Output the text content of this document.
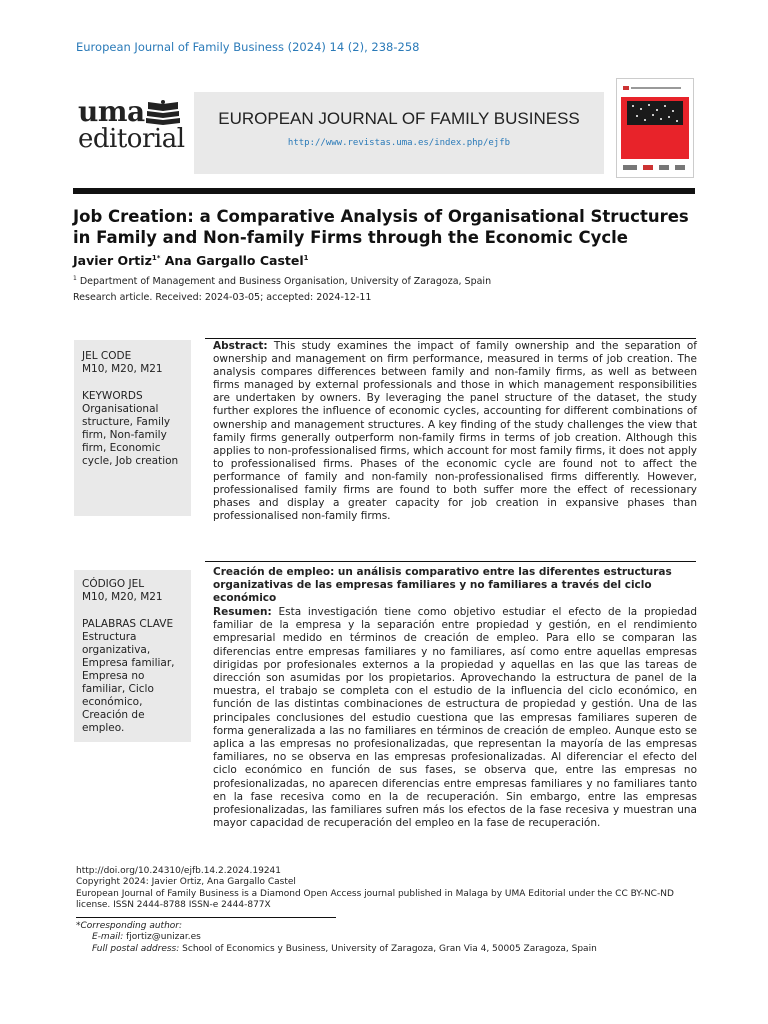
European Journal of Family Business (2024) 14 (2), 238-258
uma
editorial
EUROPEAN JOURNAL OF FAMILY BUSINESS
http://www.revistas.uma.es/index.php/ejfb
Job Creation: a Comparative Analysis of Organisational Structures in Family and Non-family Firms through the Economic Cycle
Javier Ortiz$^{1*}$ Ana Gargallo Castel$^1$
$^1$ Department of Management and Business Organisation, University of Zaragoza, Spain
Research article. Received: 2024-03-05; accepted: 2024-12-11
JEL CODE
M10, M20, M21
KEYWORDS
Organisational structure, Family firm, Non-family firm, Economic cycle, Job creation
Abstract: This study examines the impact of family ownership and the separation of ownership and management on firm performance, measured in terms of job creation. The analysis compares differences between family and non-family firms, as well as between firms managed by external professionals and those in which management responsibilities are undertaken by owners. By leveraging the panel structure of the dataset, the study further explores the influence of economic cycles, accounting for different combinations of ownership and management structures. A key finding of the study challenges the view that family firms generally outperform non-family firms in terms of job creation. Although this applies to non-professionalised firms, which account for most family firms, it does not apply to professionalised firms. Phases of the economic cycle are found not to affect the performance of family and non-family non-professionalised firms differently. However, professionalised family firms are found to both suffer more the effect of recessionary phases and display a greater capacity for job creation in expansive phases than professionalised non-family firms.
CÓDIGO JEL
M10, M20, M21
PALABRAS CLAVE
Estructura organizativa, Empresa familiar, Empresa no familiar, Ciclo económico, Creación de empleo.
Creación de empleo: un análisis comparativo entre las diferentes estructuras organizativas de las empresas familiares y no familiares a través del ciclo económico
Resumen: Esta investigación tiene como objetivo estudiar el efecto de la propiedad familiar de la empresa y la separación entre propiedad y gestión, en el rendimiento empresarial medido en términos de creación de empleo. Para ello se comparan las diferencias entre empresas familiares y no familiares, así como entre aquellas empresas dirigidas por profesionales externos a la propiedad y aquellas en las que las tareas de dirección son asumidas por los propietarios. Aprovechando la estructura de panel de la muestra, el trabajo se completa con el estudio de la influencia del ciclo económico, en función de las distintas combinaciones de estructura de propiedad y gestión. Una de las principales conclusiones del estudio cuestiona que las empresas familiares superen de forma generalizada a las no familiares en términos de creación de empleo. Aunque esto se aplica a las empresas no profesionalizadas, que representan la mayoría de las empresas familiares, no se observa en las empresas profesionalizadas. Al diferenciar el efecto del ciclo económico en función de sus fases, se observa que, entre las empresas no profesionalizadas, no aparecen diferencias entre empresas familiares y no familiares tanto en la fase recesiva como en la de recuperación. Sin embargo, entre las empresas profesionalizadas, las familiares sufren más los efectos de la fase recesiva y muestran una mayor capacidad de recuperación del empleo en la fase de recuperación.
http://doi.org/10.24310/ejfb.14.2.2024.19241
Copyright 2024: Javier Ortiz, Ana Gargallo Castel
European Journal of Family Business is a Diamond Open Access journal published in Malaga by UMA Editorial under the CC BY-NC-ND license. ISSN 2444-8788 ISSN-e 2444-877X
*Corresponding author:
E-mail: fjortiz@unizar.es
Full postal address: School of Economics y Business, University of Zaragoza, Gran Via 4, 50005 Zaragoza, Spain
